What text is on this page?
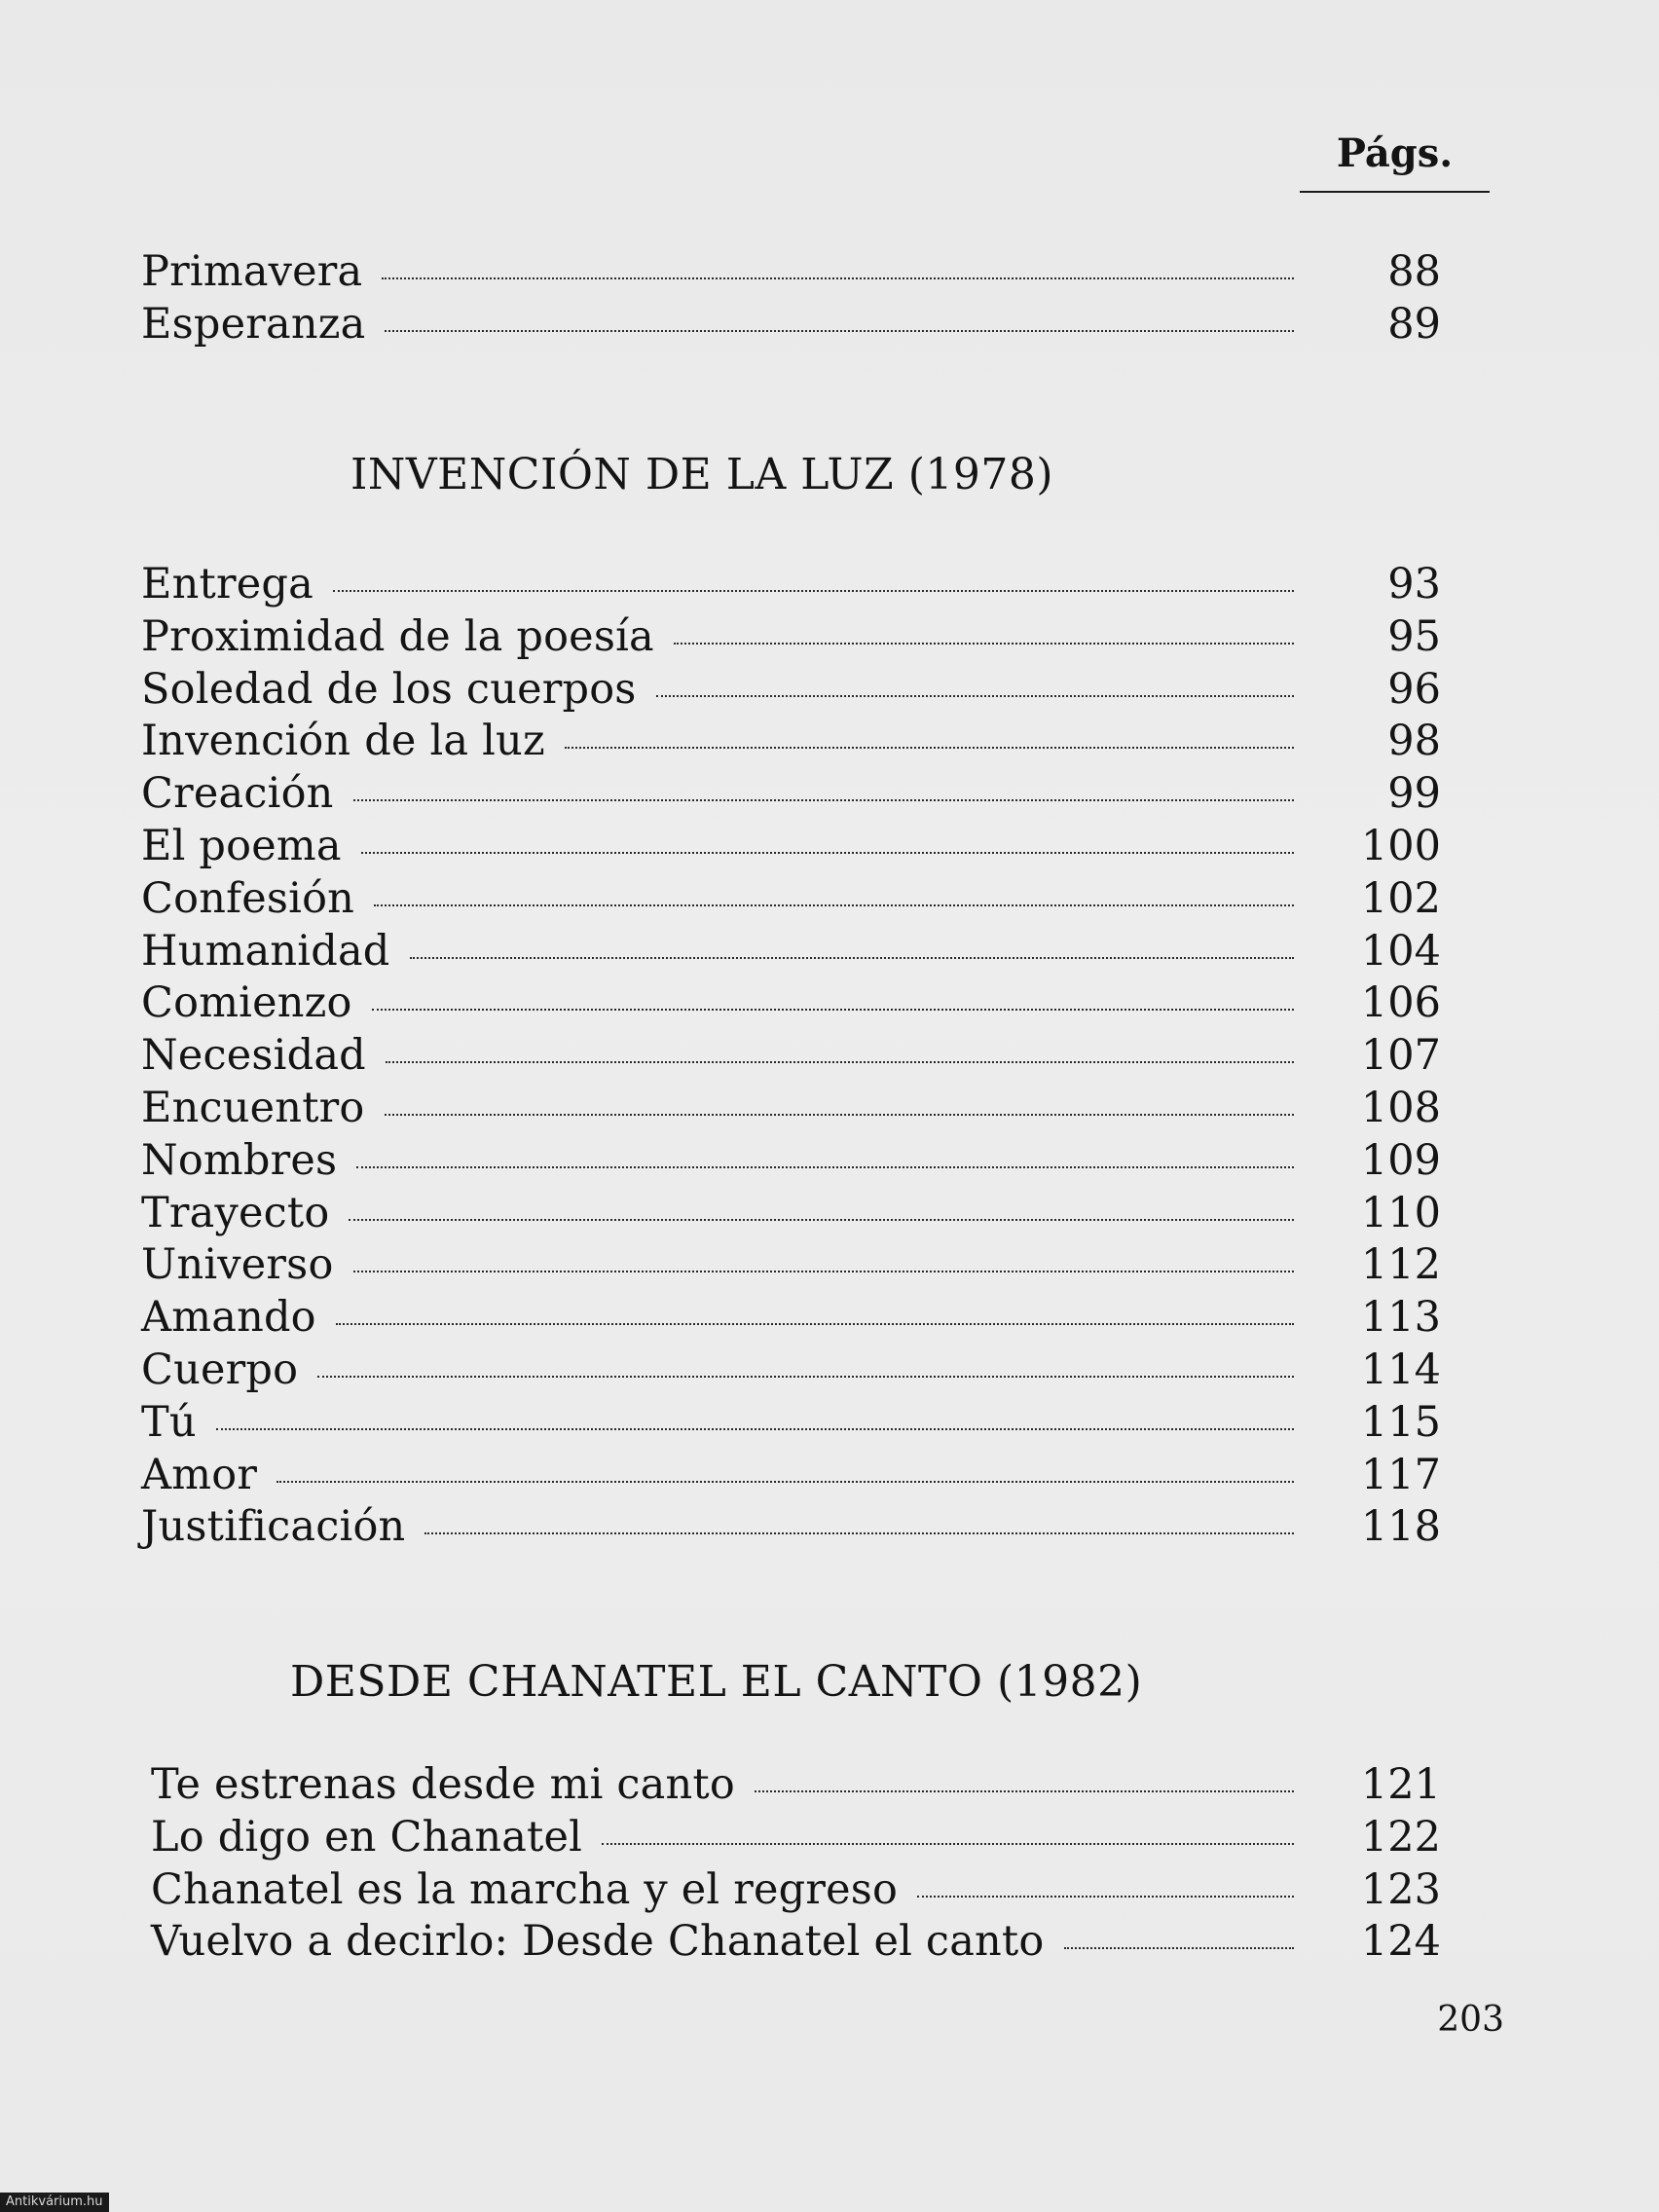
Págs.
Primavera	88
Esperanza	89
INVENCIÓN DE LA LUZ (1978)
Entrega	93
Proximidad de la poesía	95
Soledad de los cuerpos	96
Invención de la luz	98
Creación	99
El poema	100
Confesión	102
Humanidad	104
Comienzo	106
Necesidad	107
Encuentro	108
Nombres	109
Trayecto	110
Universo	112
Amando	113
Cuerpo	114
Tú	115
Amor	117
Justificación	118
DESDE CHANATEL EL CANTO (1982)
Te estrenas desde mi canto	121
Lo digo en Chanatel	122
Chanatel es la marcha y el regreso	123
Vuelvo a decirlo: Desde Chanatel el canto	124
203
Antikvárium.hu
